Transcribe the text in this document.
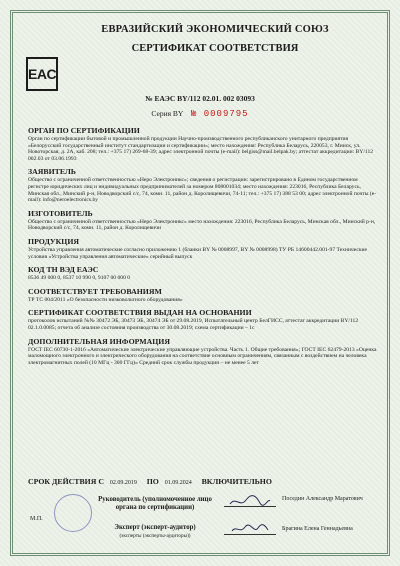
EAC
ЕВРАЗИЙСКИЙ ЭКОНОМИЧЕСКИЙ СОЮЗ
СЕРТИФИКАТ СООТВЕТСТВИЯ
№ ЕАЭС BY/112 02.01. 002 03093
Серия BY № 0009795

ОРГАН ПО СЕРТИФИКАЦИИ

Орган по сертификации бытовой и промышленной продукции Научно-производственного республиканского унитарного предприятия «Белорусский государственный институт стандартизации и сертификации»; место нахождения: Республика Беларусь, 220053, г. Минск, ул. Новоторская, д. 2А, каб. 208; тел.: +375 17) 269-68-39; адрес электронной почты (e-mail): belgiss@mail.belpak.by; аттестат аккредитации: BY/112 002.03 от 03.06.1993

ЗАЯВИТЕЛЬ

Общество с ограниченной ответственностью «Неро Электроникс»; сведения о регистрации: зарегистрировано в Едином государственном регистре юридических лиц и индивидуальных предпринимателей за номером 808001034; место нахождения: 223016, Республика Беларусь, Минская обл., Минский р-н, Новодворский с/с, 74, комн. 11, район д. Королищевичи, 74-11; тел.: +375 17) 388 53 00; адрес электронной почты (e-mail): info@neroelectronics.by

ИЗГОТОВИТЕЛЬ

Общество с ограниченной ответственностью «Неро Электроникс» место нахождения: 223016, Республика Беларусь, Минская обл., Минский р-н, Новодворский с/с, 74, комн. 11, район д. Королищевичи

ПРОДУКЦИЯ

Устройства управления автоматические согласно приложению 1 (бланки BY № 0008997, BY № 0008998) ТУ РБ 14600442.001-97 Технические условия «Устройства управления автоматические» серийный выпуск

КОД ТН ВЭД ЕАЭС

8536 49 000 0, 8537 10 990 0, 9107 00 000 0

СООТВЕТСТВУЕТ ТРЕБОВАНИЯМ

ТР ТС 004/2011 «О безопасности низковольтного оборудования»

СЕРТИФИКАТ СООТВЕТСТВИЯ ВЫДАН НА ОСНОВАНИИ

протоколов испытаний №№ 30472 ЭБ, 30473 ЭБ, 30474 ЭБ от 29.08.2019, Испытательный центр БелГИСС, аттестат аккредитации BY/112 02.1.0.0085; отчета об анализе состояния производства от 30.08.2019; схема сертификации – 1с

ДОПОЛНИТЕЛЬНАЯ ИНФОРМАЦИЯ

ГОСТ IEC 60730-1-2016 «Автоматические электрические управляющие устройства. Часть 1. Общие требования»; ГОСТ IEC 62479-2013 «Оценка маломощного электронного и электрического оборудования на соответствие основным ограничениям, связанным с воздействием на человека электромагнитных полей (10 МГц - 300 ГГц)» Средний срок службы продукции – не менее 5 лет

СРОК ДЕЙСТВИЯ С 02.09.2019 ПО 01.09.2024 ВКЛЮЧИТЕЛЬНО
М.П.
Руководитель (уполномоченное лицо органа по сертификации)
Поседин Александр Маратович
Эксперт (эксперт-аудитор)
(эксперты (эксперты-аудиторы))
Брагина Елена Геннадьевна
